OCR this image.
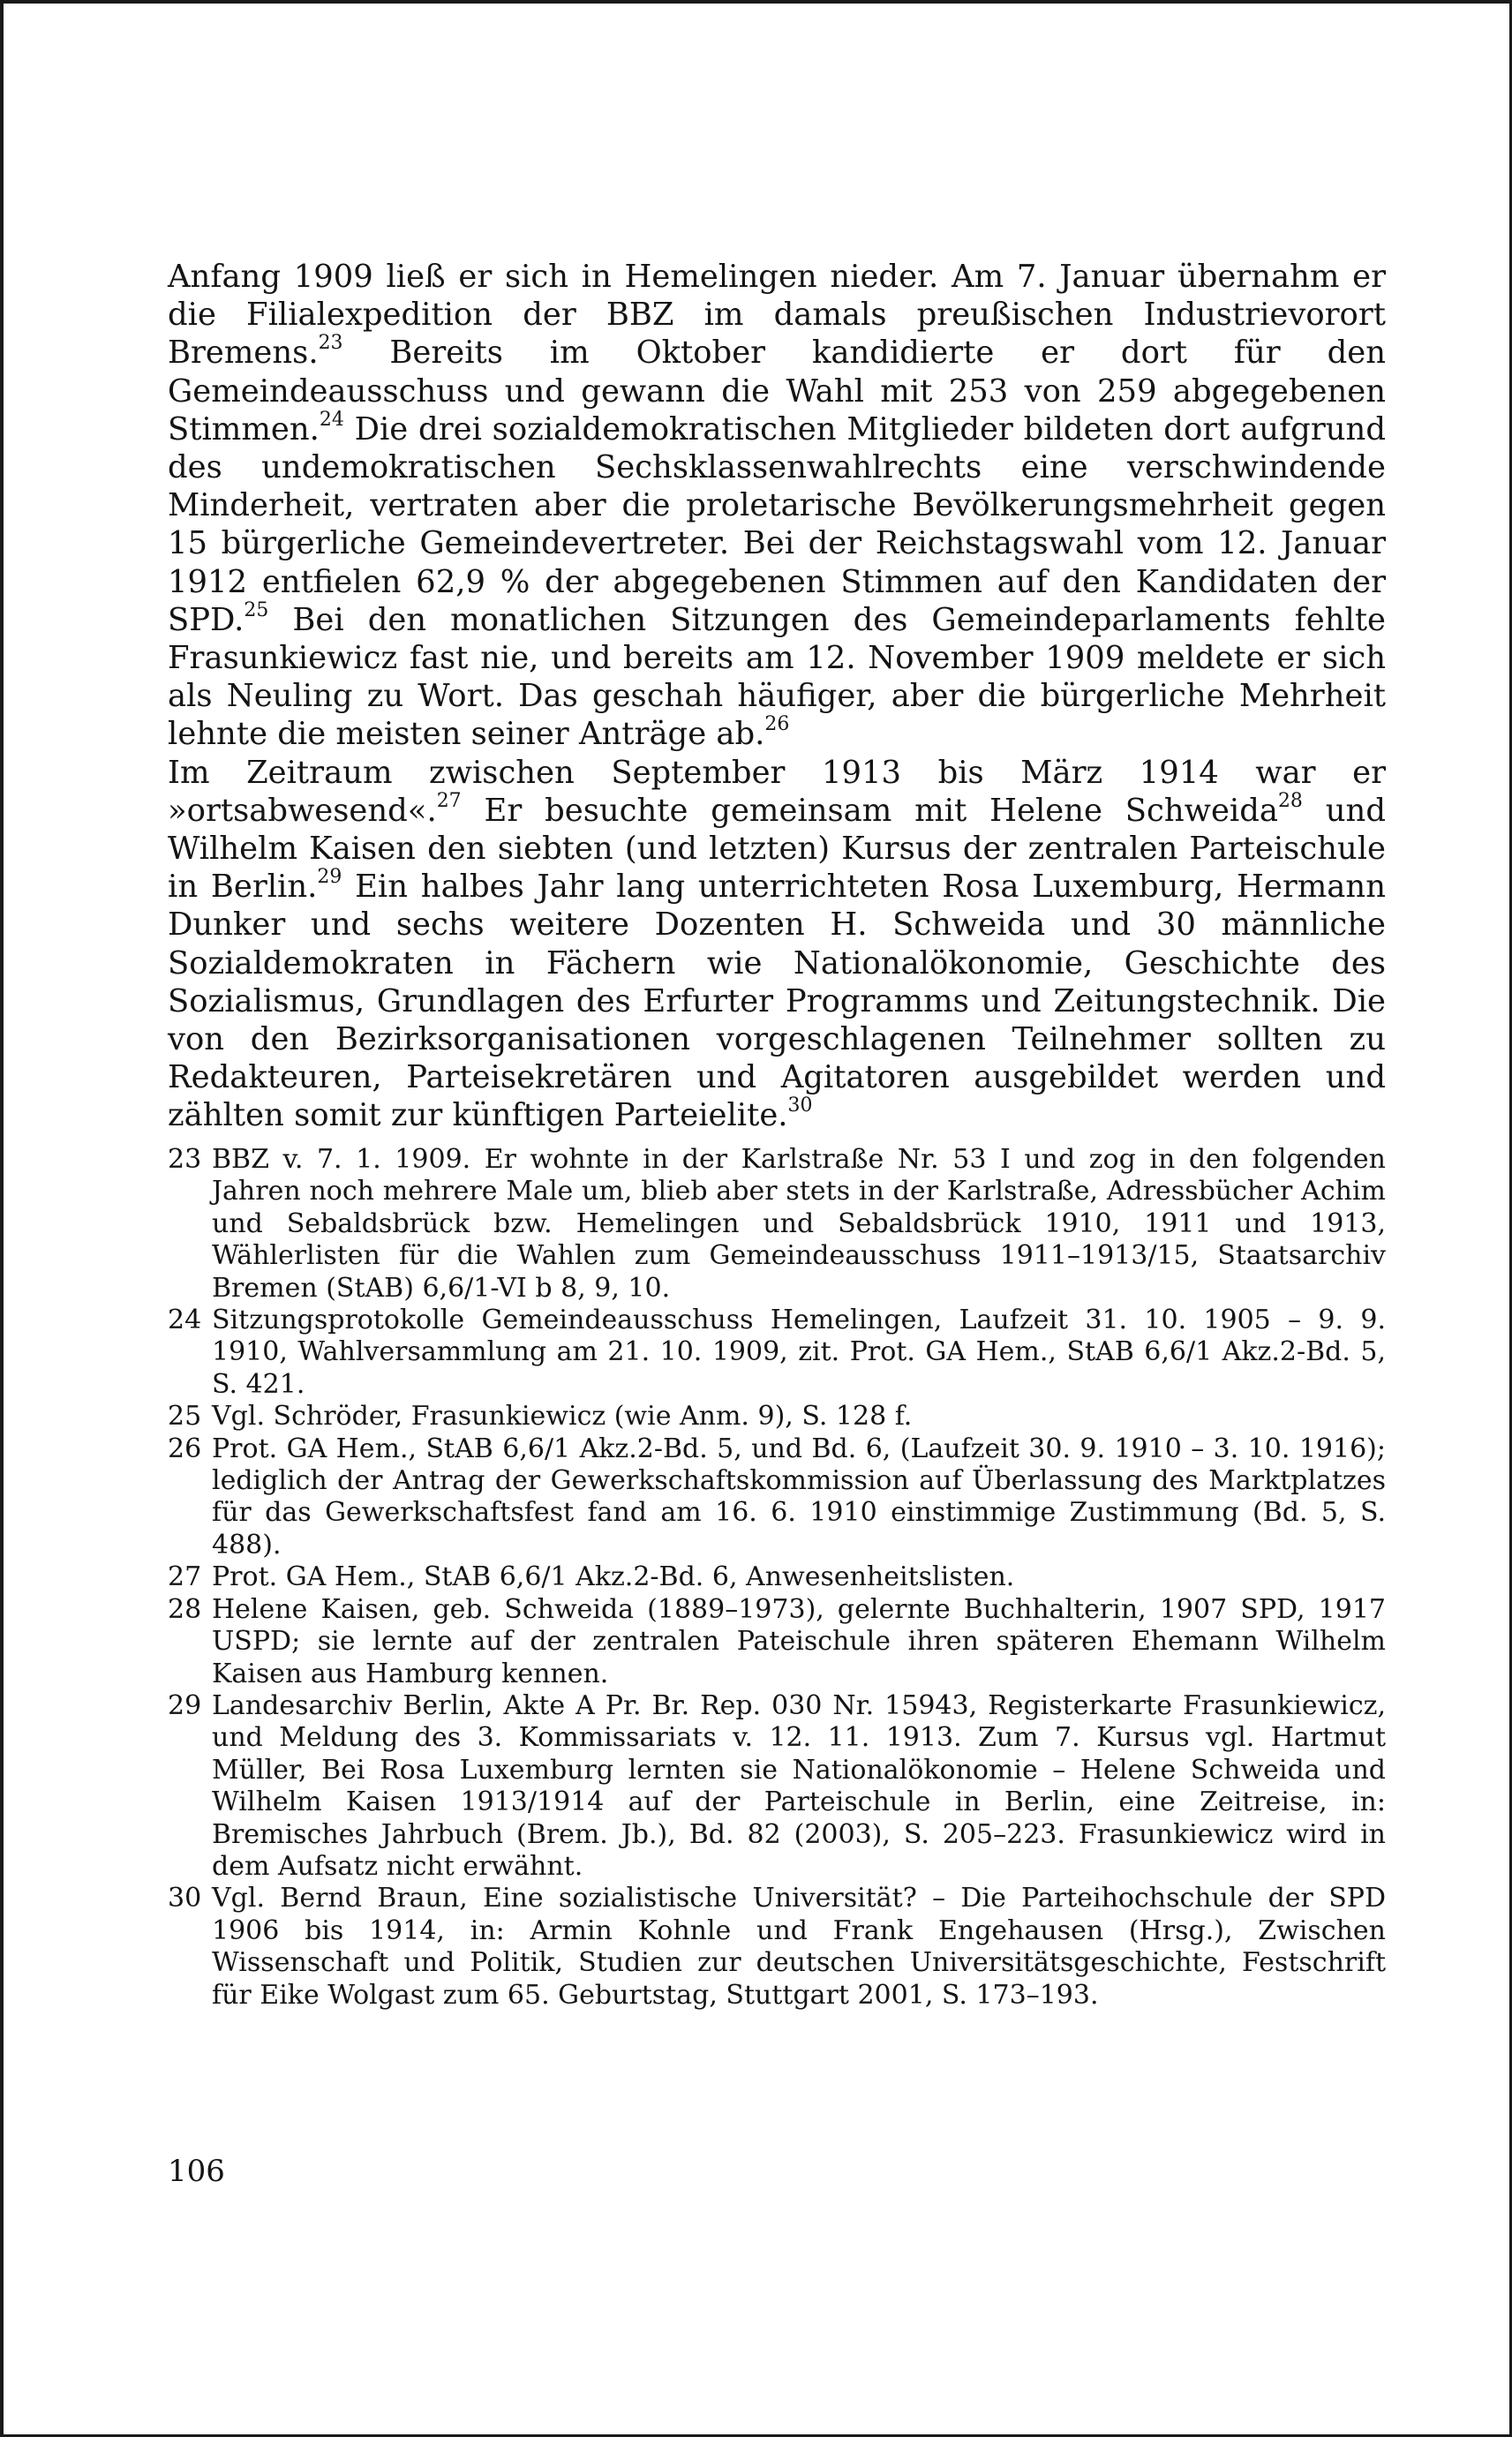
Anfang 1909 ließ er sich in Hemelingen nieder. Am 7. Januar übernahm er die Filialexpedition der BBZ im damals preußischen Industrievorort Bremens.$^{23}$ Bereits im Oktober kandidierte er dort für den Gemeindeausschuss und gewann die Wahl mit 253 von 259 abgegebenen Stimmen.$^{24}$ Die drei sozialdemokratischen Mitglieder bildeten dort aufgrund des undemokratischen Sechsklassenwahlrechts eine verschwindende Minderheit, vertraten aber die proletarische Bevölkerungsmehrheit gegen 15 bürgerliche Gemeindevertreter. Bei der Reichstagswahl vom 12. Januar 1912 entfielen 62,9 % der abgegebenen Stimmen auf den Kandidaten der SPD.$^{25}$ Bei den monatlichen Sitzungen des Gemeindeparlaments fehlte Frasunkiewicz fast nie, und bereits am 12. November 1909 meldete er sich als Neuling zu Wort. Das geschah häufiger, aber die bürgerliche Mehrheit lehnte die meisten seiner Anträge ab.$^{26}$

Im Zeitraum zwischen September 1913 bis März 1914 war er »ortsabwesend«.$^{27}$ Er besuchte gemeinsam mit Helene Schweida$^{28}$ und Wilhelm Kaisen den siebten (und letzten) Kursus der zentralen Parteischule in Berlin.$^{29}$ Ein halbes Jahr lang unterrichteten Rosa Luxemburg, Hermann Dunker und sechs weitere Dozenten H. Schweida und 30 männliche Sozialdemokraten in Fächern wie Nationalökonomie, Geschichte des Sozialismus, Grundlagen des Erfurter Programms und Zeitungstechnik. Die von den Bezirksorganisationen vorgeschlagenen Teilnehmer sollten zu Redakteuren, Parteisekretären und Agitatoren ausgebildet werden und zählten somit zur künftigen Parteielite.$^{30}$

23 BBZ v. 7. 1. 1909. Er wohnte in der Karlstraße Nr. 53 I und zog in den folgenden Jahren noch mehrere Male um, blieb aber stets in der Karlstraße, Adressbücher Achim und Sebaldsbrück bzw. Hemelingen und Sebaldsbrück 1910, 1911 und 1913, Wählerlisten für die Wahlen zum Gemeindeausschuss 1911–1913/15, Staatsarchiv Bremen (StAB) 6,6/1-VI b 8, 9, 10.
24 Sitzungsprotokolle Gemeindeausschuss Hemelingen, Laufzeit 31. 10. 1905 – 9. 9. 1910, Wahlversammlung am 21. 10. 1909, zit. Prot. GA Hem., StAB 6,6/1 Akz.2-Bd. 5, S. 421.
25 Vgl. Schröder, Frasunkiewicz (wie Anm. 9), S. 128 f.
26 Prot. GA Hem., StAB 6,6/1 Akz.2-Bd. 5, und Bd. 6, (Laufzeit 30. 9. 1910 – 3. 10. 1916); lediglich der Antrag der Gewerkschaftskommission auf Überlassung des Marktplatzes für das Gewerkschaftsfest fand am 16. 6. 1910 einstimmige Zustimmung (Bd. 5, S. 488).
27 Prot. GA Hem., StAB 6,6/1 Akz.2-Bd. 6, Anwesenheitslisten.
28 Helene Kaisen, geb. Schweida (1889–1973), gelernte Buchhalterin, 1907 SPD, 1917 USPD; sie lernte auf der zentralen Pateischule ihren späteren Ehemann Wilhelm Kaisen aus Hamburg kennen.
29 Landesarchiv Berlin, Akte A Pr. Br. Rep. 030 Nr. 15943, Registerkarte Frasunkiewicz, und Meldung des 3. Kommissariats v. 12. 11. 1913. Zum 7. Kursus vgl. Hartmut Müller, Bei Rosa Luxemburg lernten sie Nationalökonomie – Helene Schweida und Wilhelm Kaisen 1913/1914 auf der Parteischule in Berlin, eine Zeitreise, in: Bremisches Jahrbuch (Brem. Jb.), Bd. 82 (2003), S. 205–223. Frasunkiewicz wird in dem Aufsatz nicht erwähnt.
30 Vgl. Bernd Braun, Eine sozialistische Universität? – Die Parteihochschule der SPD 1906 bis 1914, in: Armin Kohnle und Frank Engehausen (Hrsg.), Zwischen Wissenschaft und Politik, Studien zur deutschen Universitätsgeschichte, Festschrift für Eike Wolgast zum 65. Geburtstag, Stuttgart 2001, S. 173–193.
106
